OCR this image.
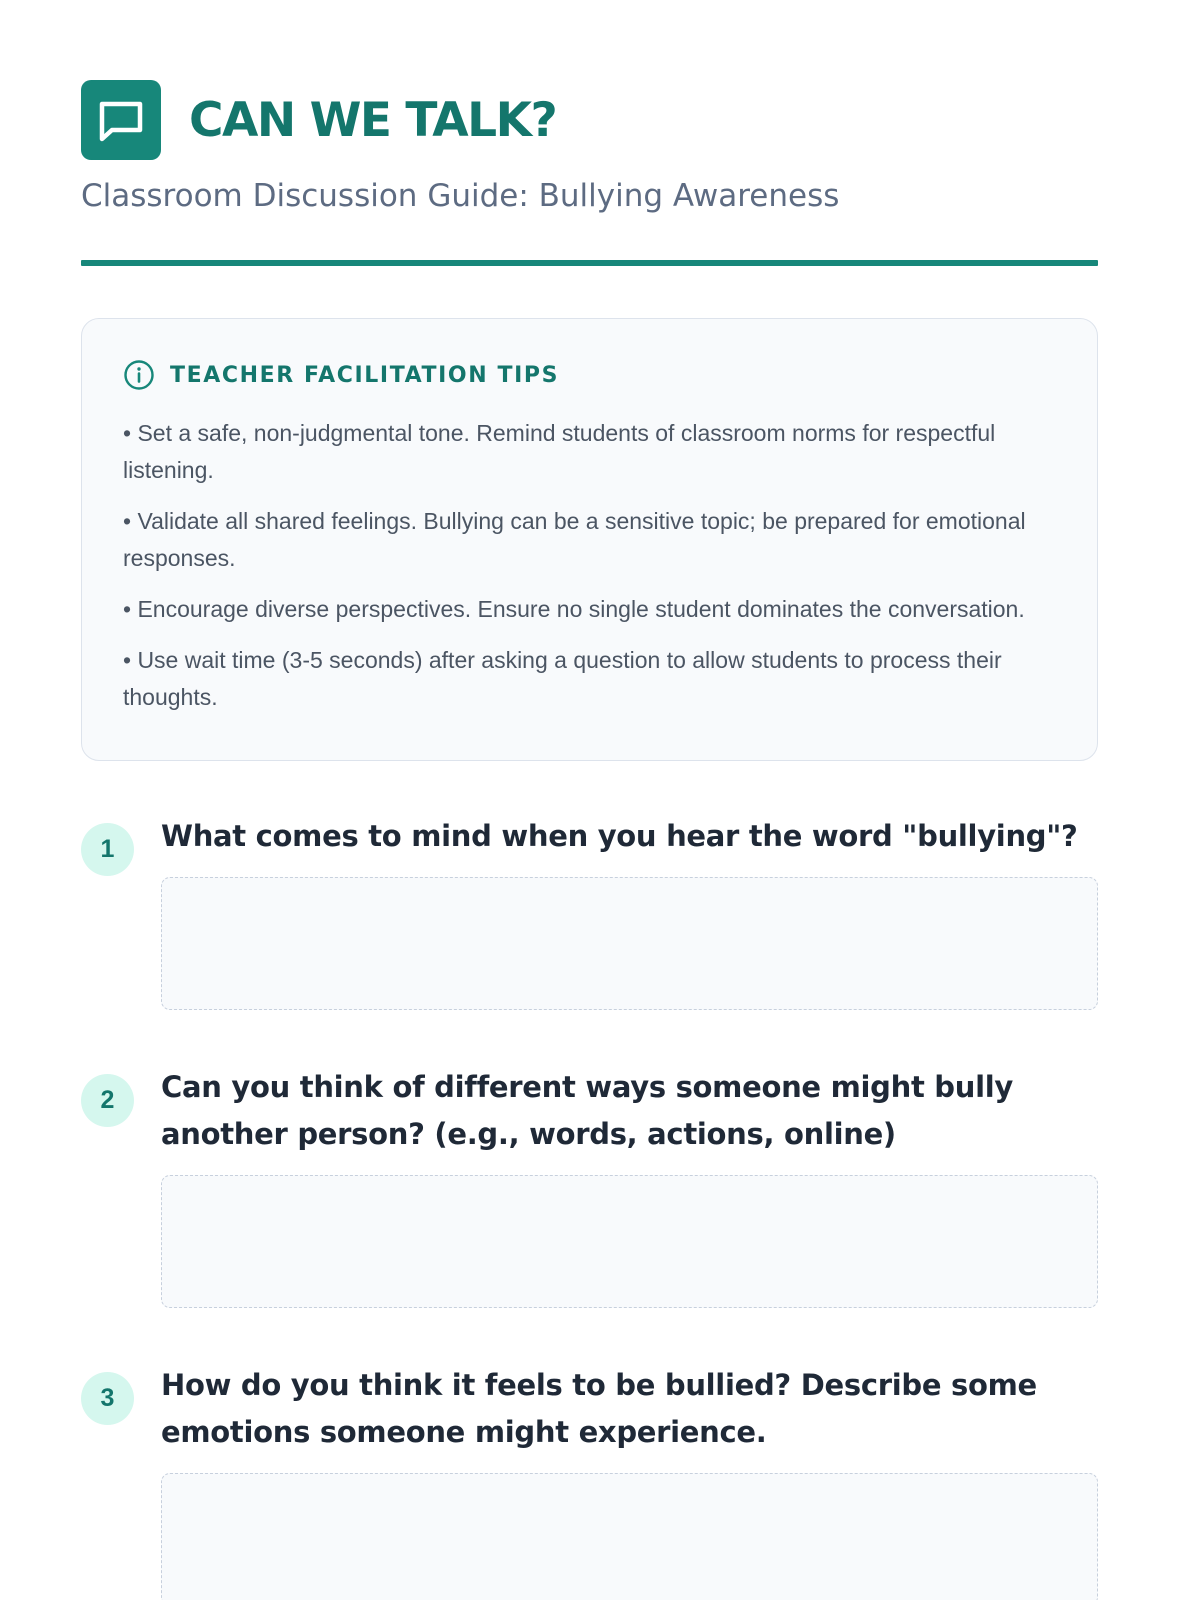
CAN WE TALK?

Classroom Discussion Guide: Bullying Awareness

TEACHER FACILITATION TIPS
• Set a safe, non-judgmental tone. Remind students of classroom norms for respectful listening.
• Validate all shared feelings. Bullying can be a sensitive topic; be prepared for emotional responses.
• Encourage diverse perspectives. Ensure no single student dominates the conversation.
• Use wait time (3-5 seconds) after asking a question to allow students to process their thoughts.
1	What comes to mind when you hear the word "bullying"?

2	Can you think of different ways someone might bully another person? (e.g., words, actions, online)

3	How do you think it feels to be bullied? Describe some emotions someone might experience.
